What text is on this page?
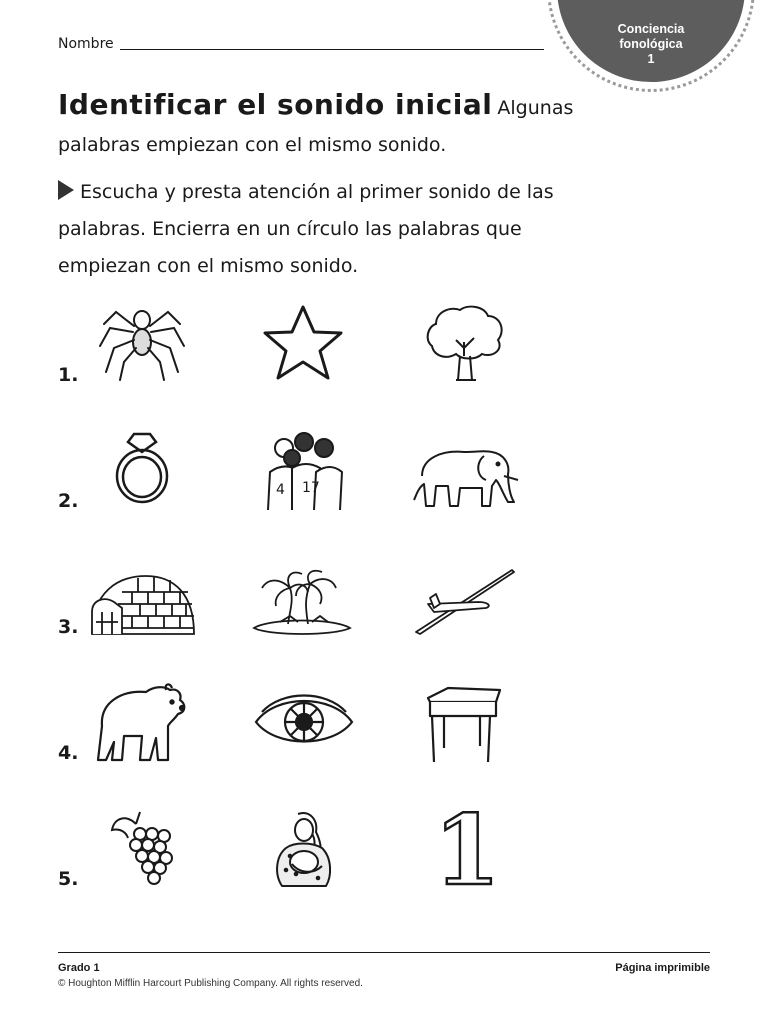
Conciencia
fonológica
1
Nombre
Identificar el sonido inicial Algunas palabras empiezan con el mismo sonido.
Escucha y presta atención al primer sonido de las palabras. Encierra en un círculo las palabras que empiezan con el mismo sonido.
1.
2.
3.
4.
5.
4 17
1
Grado 1	Página imprimible
© Houghton Mifflin Harcourt Publishing Company. All rights reserved.
